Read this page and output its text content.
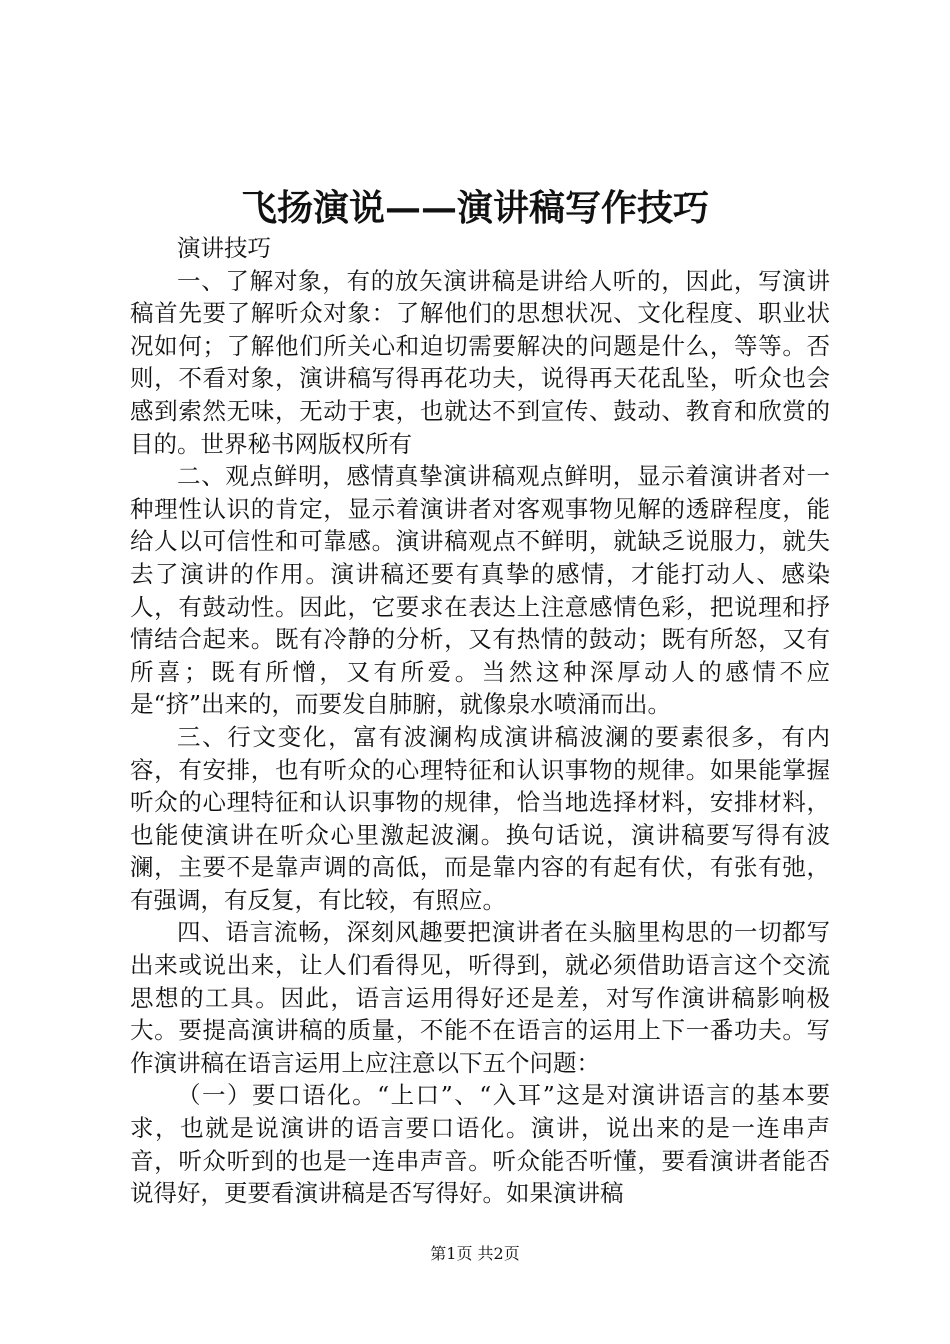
飞扬演说——演讲稿写作技巧

演讲技巧

一、了解对象，有的放矢演讲稿是讲给人听的，因此，写演讲稿首先要了解听众对象：了解他们的思想状况、文化程度、职业状况如何；了解他们所关心和迫切需要解决的问题是什么，等等。否则，不看对象，演讲稿写得再花功夫，说得再天花乱坠，听众也会感到索然无味，无动于衷，也就达不到宣传、鼓动、教育和欣赏的目的。世界秘书网版权所有

二、观点鲜明，感情真挚演讲稿观点鲜明，显示着演讲者对一种理性认识的肯定，显示着演讲者对客观事物见解的透辟程度，能给人以可信性和可靠感。演讲稿观点不鲜明，就缺乏说服力，就失去了演讲的作用。演讲稿还要有真挚的感情，才能打动人、感染人，有鼓动性。因此，它要求在表达上注意感情色彩，把说理和抒情结合起来。既有冷静的分析，又有热情的鼓动；既有所怒，又有所喜；既有所憎，又有所爱。当然这种深厚动人的感情不应是“挤”出来的，而要发自肺腑，就像泉水喷涌而出。

三、行文变化，富有波澜构成演讲稿波澜的要素很多，有内容，有安排，也有听众的心理特征和认识事物的规律。如果能掌握听众的心理特征和认识事物的规律，恰当地选择材料，安排材料，也能使演讲在听众心里激起波澜。换句话说，演讲稿要写得有波澜，主要不是靠声调的高低，而是靠内容的有起有伏，有张有弛，有强调，有反复，有比较，有照应。

四、语言流畅，深刻风趣要把演讲者在头脑里构思的一切都写出来或说出来，让人们看得见，听得到，就必须借助语言这个交流思想的工具。因此，语言运用得好还是差，对写作演讲稿影响极大。要提高演讲稿的质量，不能不在语言的运用上下一番功夫。写作演讲稿在语言运用上应注意以下五个问题：

（一）要口语化。“上口”、“入耳”这是对演讲语言的基本要求，也就是说演讲的语言要口语化。演讲，说出来的是一连串声音，听众听到的也是一连串声音。听众能否听懂，要看演讲者能否说得好，更要看演讲稿是否写得好。如果演讲稿

第1页 共2页
